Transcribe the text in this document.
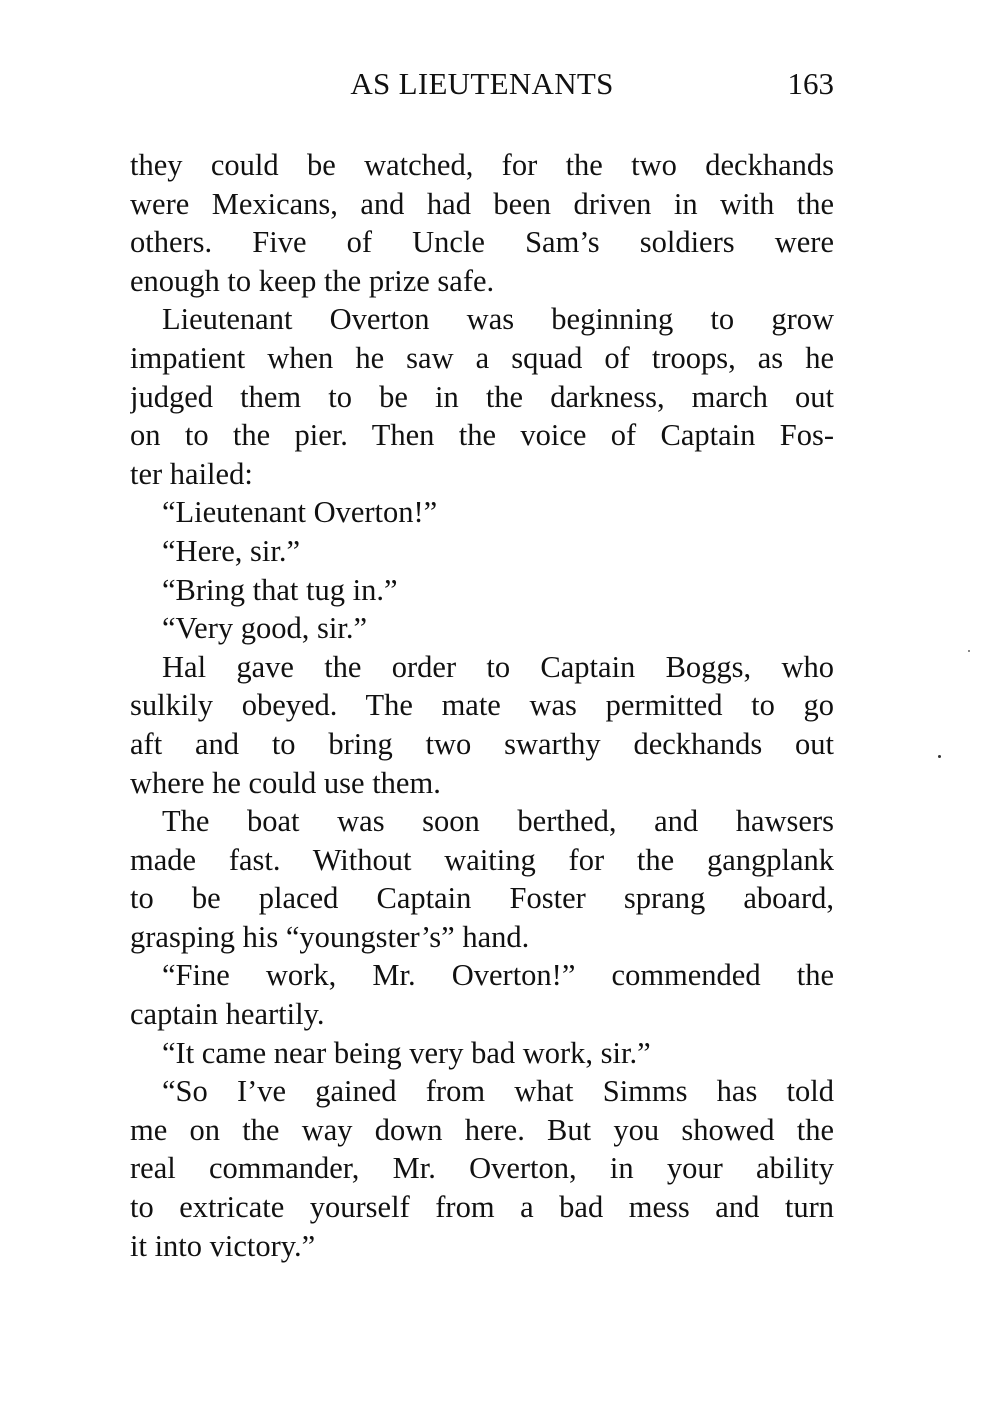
AS LIEUTENANTS	163
they could be watched, for the two deckhands
were Mexicans, and had been driven in with the
others. Five of Uncle Sam’s soldiers were
enough to keep the prize safe.
Lieutenant Overton was beginning to grow
impatient when he saw a squad of troops, as he
judged them to be in the darkness, march out
on to the pier. Then the voice of Captain Fos-
ter hailed:
“Lieutenant Overton!”
“Here, sir.”
“Bring that tug in.”
“Very good, sir.”
Hal gave the order to Captain Boggs, who
sulkily obeyed. The mate was permitted to go
aft and to bring two swarthy deckhands out
where he could use them.
The boat was soon berthed, and hawsers
made fast. Without waiting for the gangplank
to be placed Captain Foster sprang aboard,
grasping his “youngster’s” hand.
“Fine work, Mr. Overton!” commended the
captain heartily.
“It came near being very bad work, sir.”
“So I’ve gained from what Simms has told
me on the way down here. But you showed the
real commander, Mr. Overton, in your ability
to extricate yourself from a bad mess and turn
it into victory.”
